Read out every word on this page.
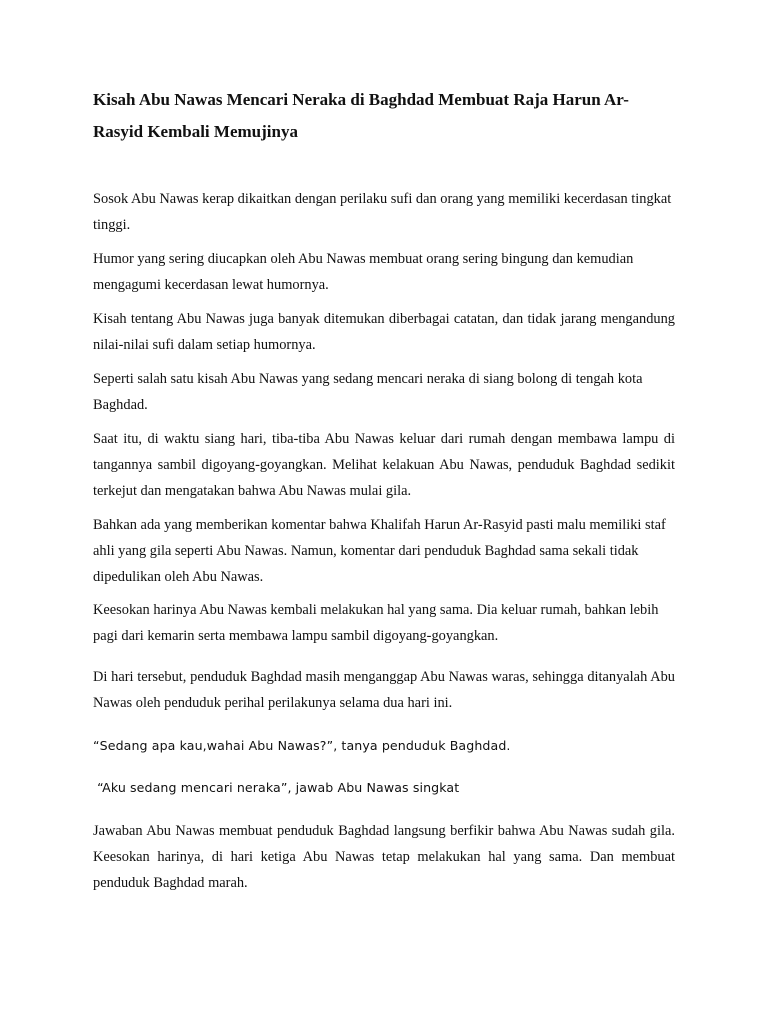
Kisah Abu Nawas Mencari Neraka di Baghdad Membuat Raja Harun Ar-Rasyid Kembali Memujinya

Sosok Abu Nawas kerap dikaitkan dengan perilaku sufi dan orang yang memiliki kecerdasan tingkat tinggi.

Humor yang sering diucapkan oleh Abu Nawas membuat orang sering bingung dan kemudian mengagumi kecerdasan lewat humornya.

Kisah tentang Abu Nawas juga banyak ditemukan diberbagai catatan, dan tidak jarang mengandung nilai-nilai sufi dalam setiap humornya.

Seperti salah satu kisah Abu Nawas yang sedang mencari neraka di siang bolong di tengah kota Baghdad.

Saat itu, di waktu siang hari, tiba-tiba Abu Nawas keluar dari rumah dengan membawa lampu di tangannya sambil digoyang-goyangkan. Melihat kelakuan Abu Nawas, penduduk Baghdad sedikit terkejut dan mengatakan bahwa Abu Nawas mulai gila.

Bahkan ada yang memberikan komentar bahwa Khalifah Harun Ar-Rasyid pasti malu memiliki staf ahli yang gila seperti Abu Nawas. Namun, komentar dari penduduk Baghdad sama sekali tidak dipedulikan oleh Abu Nawas.

Keesokan harinya Abu Nawas kembali melakukan hal yang sama. Dia keluar rumah, bahkan lebih pagi dari kemarin serta membawa lampu sambil digoyang-goyangkan.

Di hari tersebut, penduduk Baghdad masih menganggap Abu Nawas waras, sehingga ditanyalah Abu Nawas oleh penduduk perihal perilakunya selama dua hari ini.

“Sedang apa kau,wahai Abu Nawas?”, tanya penduduk Baghdad.

“Aku sedang mencari neraka”, jawab Abu Nawas singkat

Jawaban Abu Nawas membuat penduduk Baghdad langsung berfikir bahwa Abu Nawas sudah gila. Keesokan harinya, di hari ketiga Abu Nawas tetap melakukan hal yang sama. Dan membuat penduduk Baghdad marah.
